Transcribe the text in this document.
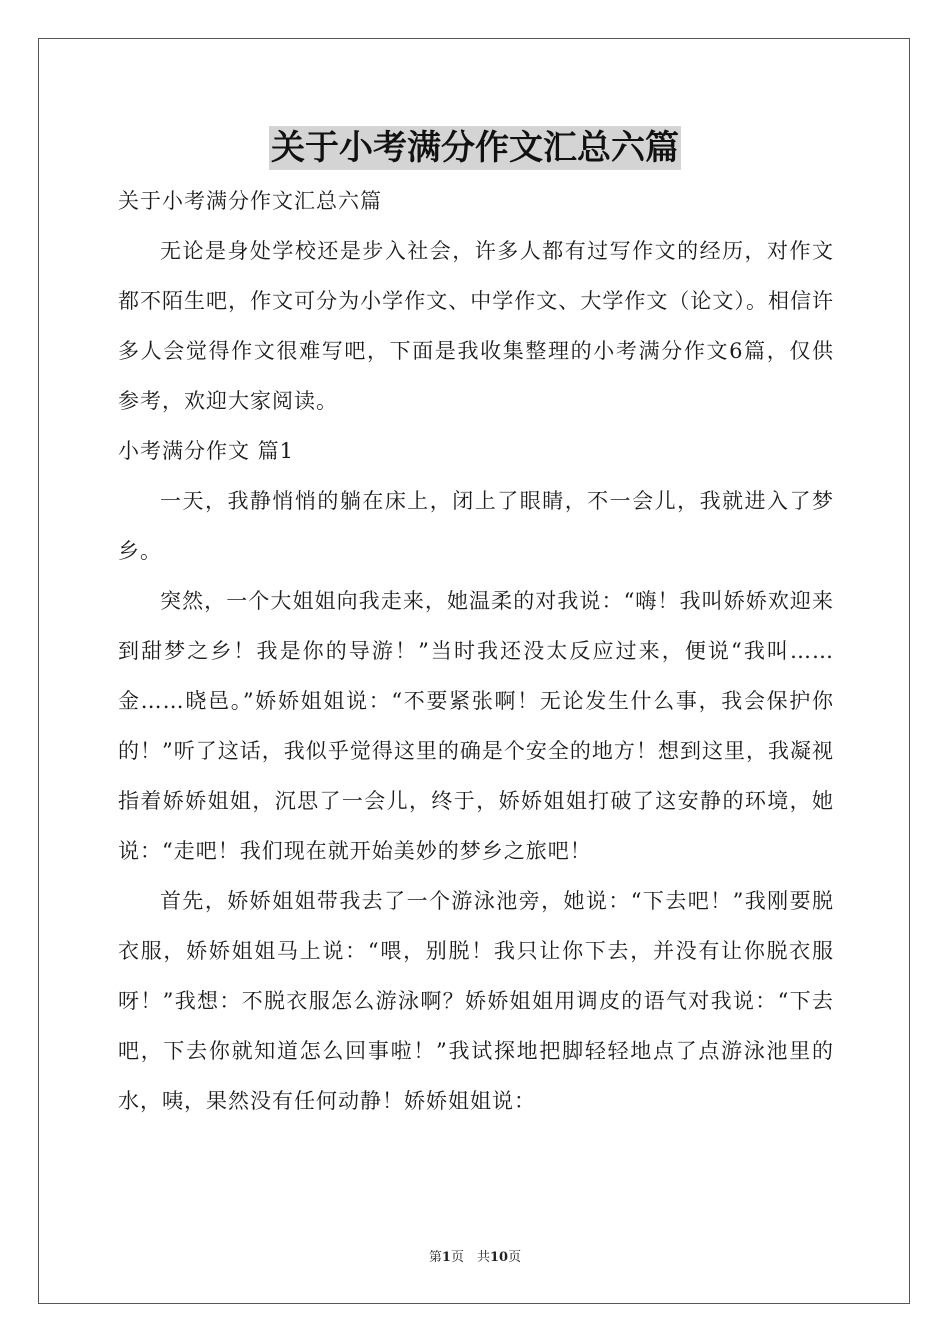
关于小考满分作文汇总六篇

关于小考满分作文汇总六篇

无论是身处学校还是步入社会，许多人都有过写作文的经历，对作文都不陌生吧，作文可分为小学作文、中学作文、大学作文（论文）。相信许多人会觉得作文很难写吧，下面是我收集整理的小考满分作文6篇，仅供参考，欢迎大家阅读。

小考满分作文 篇1

一天，我静悄悄的躺在床上，闭上了眼睛，不一会儿，我就进入了梦乡。

突然，一个大姐姐向我走来，她温柔的对我说：“嗨！我叫娇娇欢迎来到甜梦之乡！我是你的导游！”当时我还没太反应过来，便说“我叫……金……晓邑。”娇娇姐姐说：“不要紧张啊！无论发生什么事，我会保护你的！”听了这话，我似乎觉得这里的确是个安全的地方！想到这里，我凝视指着娇娇姐姐，沉思了一会儿，终于，娇娇姐姐打破了这安静的环境，她说：“走吧！我们现在就开始美妙的梦乡之旅吧！

首先，娇娇姐姐带我去了一个游泳池旁，她说：“下去吧！”我刚要脱衣服，娇娇姐姐马上说：“喂，别脱！我只让你下去，并没有让你脱衣服呀！”我想：不脱衣服怎么游泳啊？娇娇姐姐用调皮的语气对我说：“下去吧，下去你就知道怎么回事啦！”我试探地把脚轻轻地点了点游泳池里的水，咦，果然没有任何动静！娇娇姐姐说：

第1页　共10页
